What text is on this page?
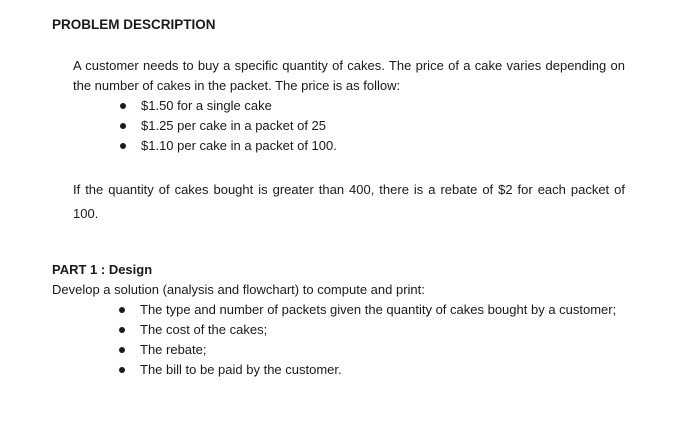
PROBLEM DESCRIPTION
A customer needs to buy a specific quantity of cakes. The price of a cake varies depending on the number of cakes in the packet. The price is as follow:
$1.50 for a single cake
$1.25 per cake in a packet of 25
$1.10 per cake in a packet of 100.
If the quantity of cakes bought is greater than 400, there is a rebate of $2 for each packet of 100.
PART 1 : Design
Develop a solution (analysis and flowchart) to compute and print:
The type and number of packets given the quantity of cakes bought by a customer;
The cost of the cakes;
The rebate;
The bill to be paid by the customer.
